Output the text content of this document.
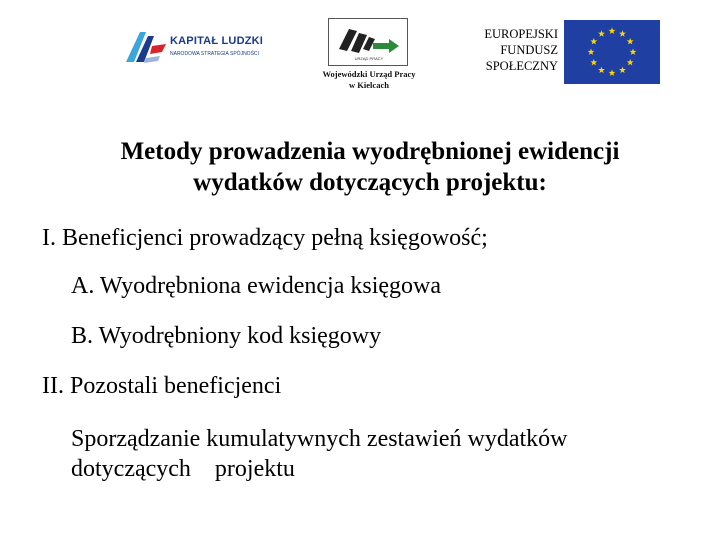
KAPITAŁ LUDZKI
NARODOWA STRATEGIA SPÓJNOŚCI
URZĄD PRACY
Wojewódzki Urząd Pracy
w Kielcach
EUROPEJSKI
FUNDUSZ
SPOŁECZNY
Metody prowadzenia wyodrębnionej ewidencji
wydatków dotyczących projektu:
I. Beneficjenci prowadzący pełną księgowość;
A. Wyodrębniona ewidencja księgowa
B. Wyodrębniony kod księgowy
II. Pozostali beneficjenci
Sporządzanie kumulatywnych zestawień wydatków
dotyczących    projektu
